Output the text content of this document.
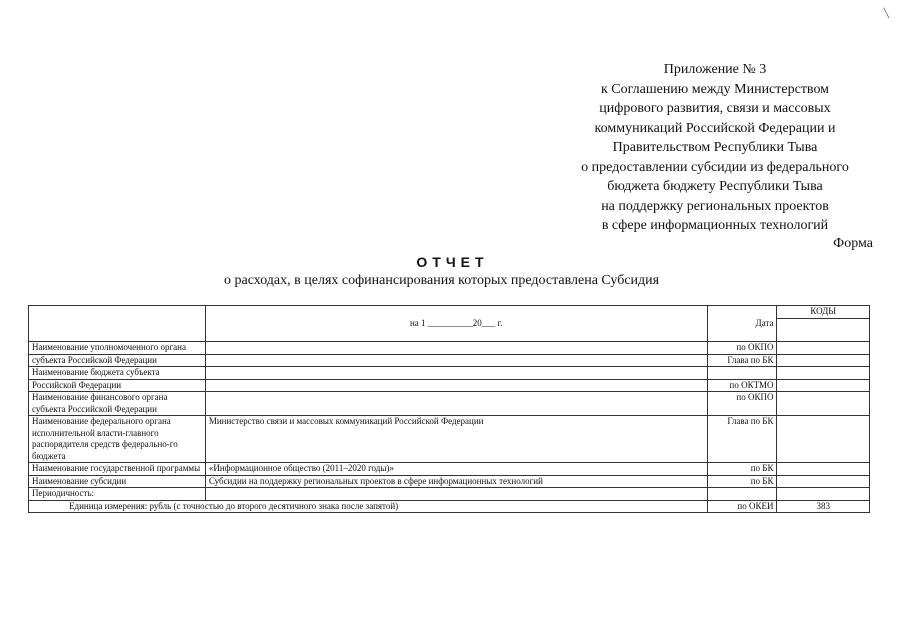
╲
Приложение № 3
к Соглашению между Министерством
цифрового развития, связи и массовых
коммуникаций Российской Федерации и
Правительством Республики Тыва
о предоставлении субсидии из федерального
бюджета бюджету Республики Тыва
на поддержку региональных проектов
в сфере информационных технологий
Форма
ОТЧЕТ
о расходах, в целях софинансирования которых предоставлена Субсидия
			КОДЫ
	на 1 __________20___ г.	Дата	
Наименование уполномоченного органа		по ОКПО	
субъекта Российской Федерации		Глава по БК	
Наименование бюджета субъекта			
Российской Федерации		по ОКТМО	
Наименование финансового органа субъекта Российской Федерации		по ОКПО	
Наименование федерального органа исполнительной власти-главного распорядителя средств федерально-го бюджета	Министерство связи и массовых коммуникаций Российской Федерации	Глава по БК	
Наименование государственной программы	«Информационное общество (2011–2020 годы)»	по БК	
Наименование субсидии	Субсидии на поддержку региональных проектов в сфере информационных технологий	по БК	
Периодичность:			
Единица измерения: рубль (с точностью до второго десятичного знака после запятой)		по ОКЕИ	383
